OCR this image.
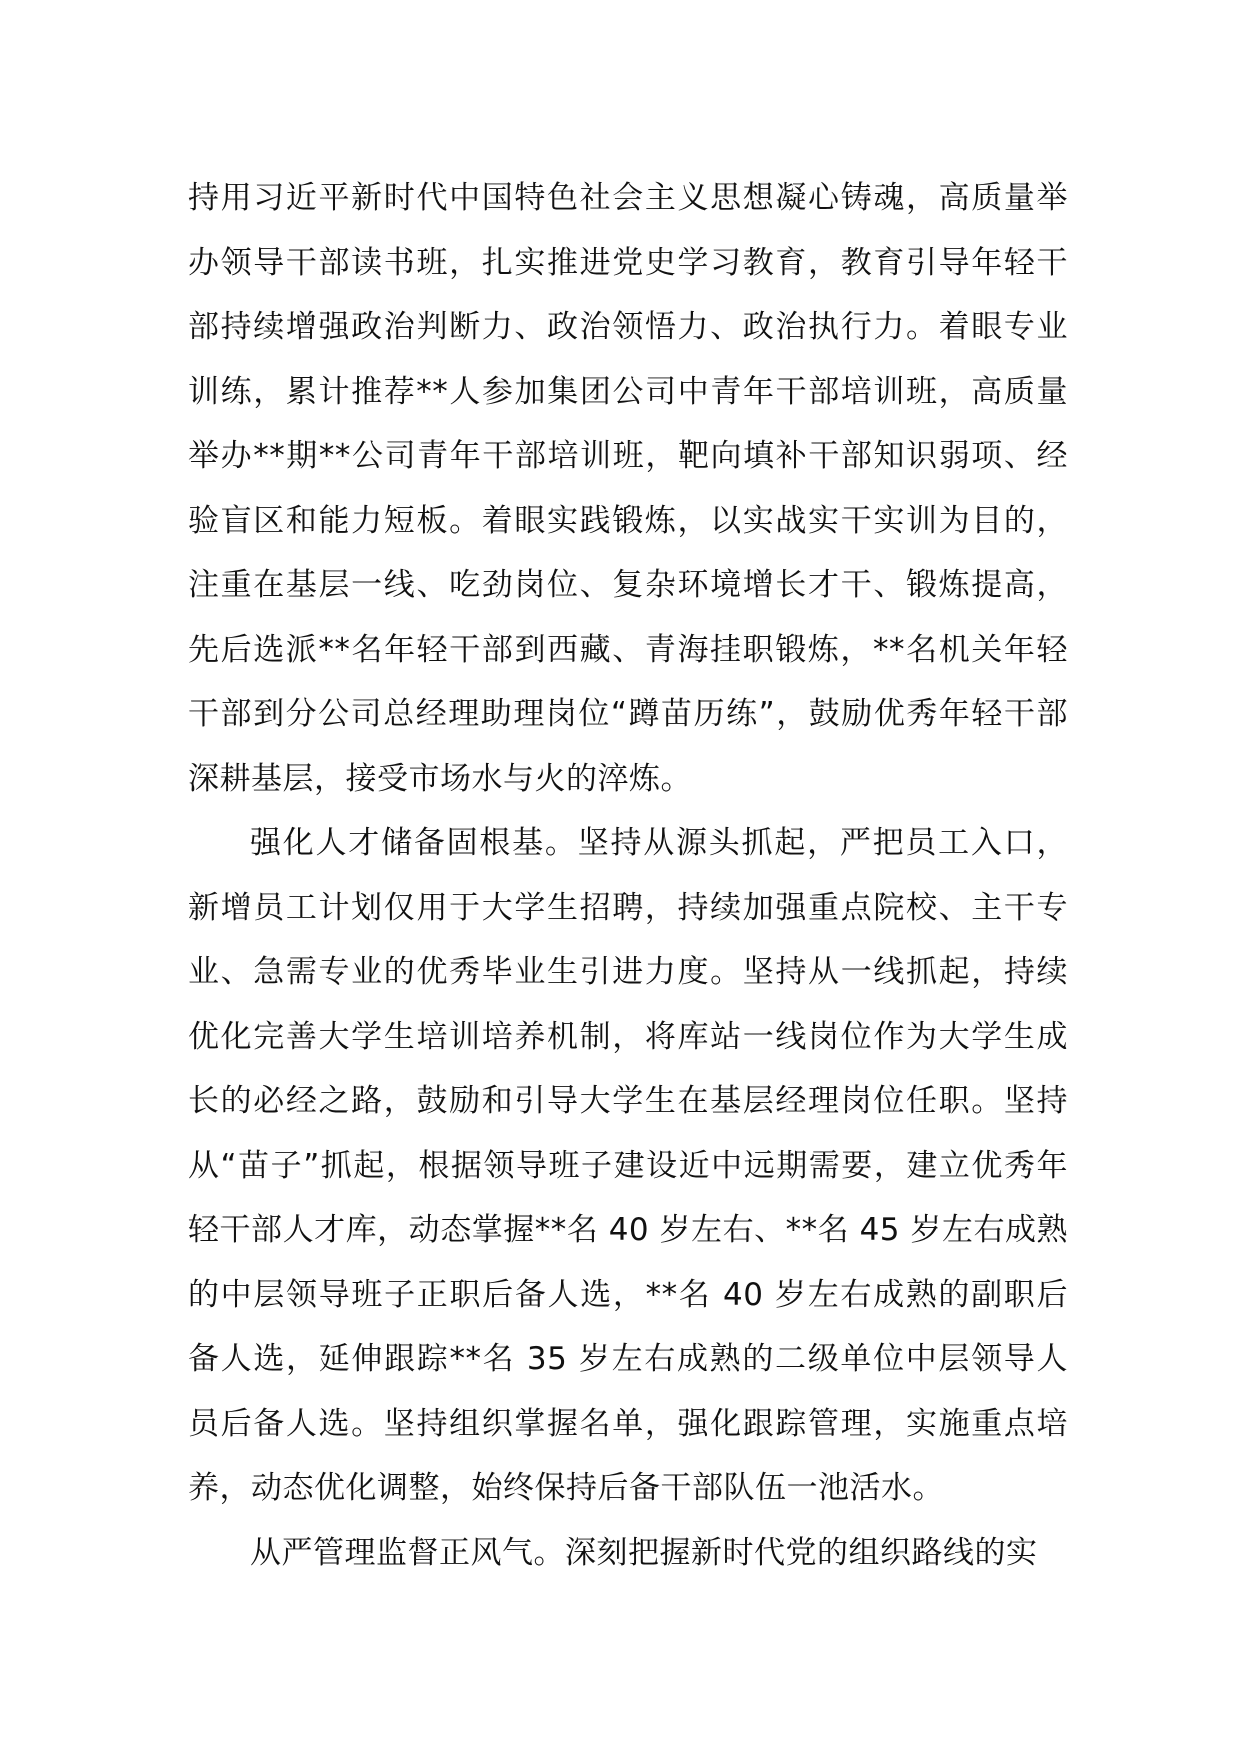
持用习近平新时代中国特色社会主义思想凝心铸魂，高质量举办领导干部读书班，扎实推进党史学习教育，教育引导年轻干部持续增强政治判断力、政治领悟力、政治执行力。着眼专业训练，累计推荐**人参加集团公司中青年干部培训班，高质量举办**期**公司青年干部培训班，靶向填补干部知识弱项、经验盲区和能力短板。着眼实践锻炼，以实战实干实训为目的，注重在基层一线、吃劲岗位、复杂环境增长才干、锻炼提高，先后选派**名年轻干部到西藏、青海挂职锻炼，**名机关年轻干部到分公司总经理助理岗位“蹲苗历练”，鼓励优秀年轻干部深耕基层，接受市场水与火的淬炼。

强化人才储备固根基。坚持从源头抓起，严把员工入口，新增员工计划仅用于大学生招聘，持续加强重点院校、主干专业、急需专业的优秀毕业生引进力度。坚持从一线抓起，持续优化完善大学生培训培养机制，将库站一线岗位作为大学生成长的必经之路，鼓励和引导大学生在基层经理岗位任职。坚持从“苗子”抓起，根据领导班子建设近中远期需要，建立优秀年轻干部人才库，动态掌握**名 40 岁左右、**名 45 岁左右成熟的中层领导班子正职后备人选，**名 40 岁左右成熟的副职后备人选，延伸跟踪**名 35 岁左右成熟的二级单位中层领导人员后备人选。坚持组织掌握名单，强化跟踪管理，实施重点培养，动态优化调整，始终保持后备干部队伍一池活水。

从严管理监督正风气。深刻把握新时代党的组织路线的实
